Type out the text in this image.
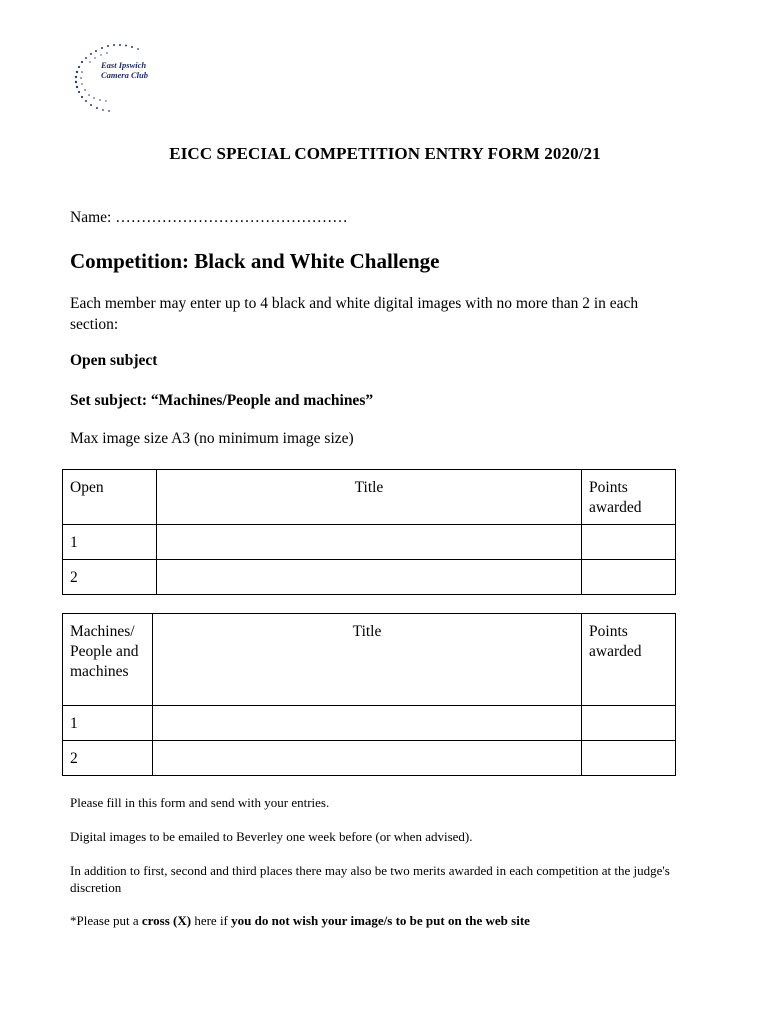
East Ipswich
Camera Club
EICC SPECIAL COMPETITION ENTRY FORM 2020/21
Name: ………………………………………
Competition: Black and White Challenge
Each member may enter up to 4 black and white digital images with no more than 2 in each section:
Open subject
Set subject: “Machines/People and machines”
Max image size A3 (no minimum image size)
Open	Title	Points awarded
1		
2		
Machines/ People and machines	Title	Points awarded
1		
2		
Please fill in this form and send with your entries.
Digital images to be emailed to Beverley one week before (or when advised).
In addition to first, second and third places there may also be two merits awarded in each competition at the judge's discretion
*Please put a cross (X) here if you do not wish your image/s to be put on the web site
